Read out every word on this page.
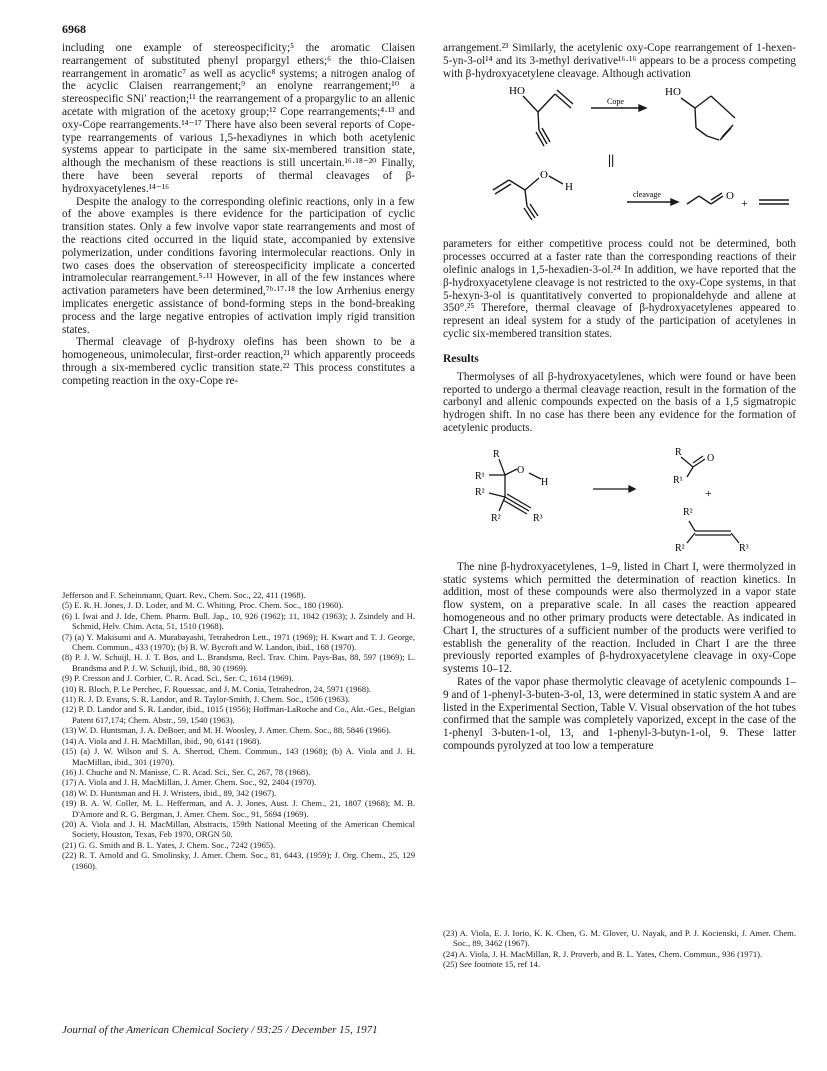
6968

including one example of stereospecificity;⁵ the aromatic Claisen rearrangement of substituted phenyl propargyl ethers;⁶ the thio-Claisen rearrangement in aromatic⁷ as well as acyclic⁸ systems; a nitrogen analog of the acyclic Claisen rearrangement;⁹ an enolyne rearrangement;¹⁰ a stereospecific SNi′ reaction;¹¹ the rearrangement of a propargylic to an allenic acetate with migration of the acetoxy group;¹² Cope rearrangements;⁴·¹³ and oxy-Cope rearrangements.¹⁴⁻¹⁷ There have also been several reports of Cope-type rearrangements of various 1,5-hexadiynes in which both acetylenic systems appear to participate in the same six-membered transition state, although the mechanism of these reactions is still uncertain.¹⁶·¹⁸⁻²⁰ Finally, there have been several reports of thermal cleavages of β-hydroxyacetylenes.¹⁴⁻¹⁶

Despite the analogy to the corresponding olefinic reactions, only in a few of the above examples is there evidence for the participation of cyclic transition states. Only a few involve vapor state rearrangements and most of the reactions cited occurred in the liquid state, accompanied by extensive polymerization, under conditions favoring intermolecular reactions. Only in two cases does the observation of stereospecificity implicate a concerted intramolecular rearrangement.⁵·¹¹ However, in all of the few instances where activation parameters have been determined,⁷ᵇ·¹⁷·¹⁸ the low Arrhenius energy implicates energetic assistance of bond-forming steps in the bond-breaking process and the large negative entropies of activation imply rigid transition states.

Thermal cleavage of β-hydroxy olefins has been shown to be a homogeneous, unimolecular, first-order reaction,²¹ which apparently proceeds through a six-membered cyclic transition state.²² This process constitutes a competing reaction in the oxy-Cope re-

Jefferson and F. Scheinmann, Quart. Rev., Chem. Soc., 22, 411 (1968).

(5) E. R. H. Jones, J. D. Loder, and M. C. Whiting, Proc. Chem. Soc., 180 (1960).

(6) I. Iwai and J. Ide, Chem. Pharm. Bull. Jap., 10, 926 (1962); 11, 1042 (1963); J. Zsindely and H. Schmid, Helv. Chim. Acta, 51, 1510 (1968).

(7) (a) Y. Makisumi and A. Murabayashi, Tetrahedron Lett., 1971 (1969); H. Kwart and T. J. George, Chem. Commun., 433 (1970); (b) B. W. Bycroft and W. Landon, ibid., 168 (1970).

(8) P. J. W. Schuijl, H. J. T. Bos, and L. Brandsma, Recl. Trav. Chim. Pays-Bas, 88, 597 (1969); L. Brandsma and P. J. W. Schuijl, ibid., 88, 30 (1969).

(9) P. Cresson and J. Corbier, C. R. Acad. Sci., Ser. C, 1614 (1969).

(10) R. Bloch, P. Le Perchec, F. Rouessac, and J. M. Conia, Tetrahedron, 24, 5971 (1968).

(11) R. J. D. Evans, S. R. Landor, and R. Taylor-Smith, J. Chem. Soc., 1506 (1963).

(12) P. D. Landor and S. R. Landor, ibid., 1015 (1956); Hoffman-LaRoche and Co., Akt.-Ges., Belgian Patent 617,174; Chem. Abstr., 59, 1540 (1963).

(13) W. D. Huntsman, J. A. DeBoer, and M. H. Woosley, J. Amer. Chem. Soc., 88, 5846 (1966).

(14) A. Viola and J. H. MacMillan, ibid., 90, 6141 (1968).

(15) (a) J. W. Wilson and S. A. Sherrod, Chem. Commun., 143 (1968); (b) A. Viola and J. H. MacMillan, ibid., 301 (1970).

(16) J. Chuche and N. Manisse, C. R. Acad. Sci., Ser. C, 267, 78 (1968).

(17) A. Viola and J. H. MacMillan, J. Amer. Chem. Soc., 92, 2404 (1970).

(18) W. D. Huntsman and H. J. Wristers, ibid., 89, 342 (1967).

(19) B. A. W. Coller, M. L. Hefferman, and A. J. Jones, Aust. J. Chem., 21, 1807 (1968); M. B. D'Amore and R. G. Bergman, J. Amer. Chem. Soc., 91, 5694 (1969).

(20) A. Viola and J. H. MacMillan, Abstracts, 159th National Meeting of the American Chemical Society, Houston, Texas, Feb 1970, ORGN 50.

(21) G. G. Smith and B. L. Yates, J. Chem. Soc., 7242 (1965).

(22) R. T. Arnold and G. Smolinsky, J. Amer. Chem. Soc., 81, 6443, (1959); J. Org. Chem., 25, 129 (1960).

arrangement.²³ Similarly, the acetylenic oxy-Cope rearrangement of 1-hexen-5-yn-3-ol¹⁴ and its 3-methyl derivative¹⁶·¹⁶ appears to be a process competing with β-hydroxyacetylene cleavage. Although activation

HO
Cope
HO
||
O
H
cleavage	O +

parameters for either competitive process could not be determined, both processes occurred at a faster rate than the corresponding reactions of their olefinic analogs in 1,5-hexadien-3-ol.²⁴ In addition, we have reported that the β-hydroxyacetylene cleavage is not restricted to the oxy-Cope systems, in that 5-hexyn-3-ol is quantitatively converted to propionaldehyde and allene at 350°.²⁵ Therefore, thermal cleavage of β-hydroxyacetylenes appeared to represent an ideal system for a study of the participation of acetylenes in cyclic six-membered transition states.

Results

Thermolyses of all β-hydroxyacetylenes, which were found or have been reported to undergo a thermal cleavage reaction, result in the formation of the carbonyl and allenic compounds expected on the basis of a 1,5 sigmatropic hydrogen shift. In no case has there been any evidence for the formation of acetylenic products.

R
R¹
O
H
R²
R²	R³
R
O
R¹
+
R²
R²	R³

The nine β-hydroxyacetylenes, 1–9, listed in Chart I, were thermolyzed in static systems which permitted the determination of reaction kinetics. In addition, most of these compounds were also thermolyzed in a vapor state flow system, on a preparative scale. In all cases the reaction appeared homogeneous and no other primary products were detectable. As indicated in Chart I, the structures of a sufficient number of the products were verified to establish the generality of the reaction. Included in Chart I are the three previously reported examples of β-hydroxyacetylene cleavage in oxy-Cope systems 10–12.

Rates of the vapor phase thermolytic cleavage of acetylenic compounds 1–9 and of 1-phenyl-3-buten-3-ol, 13, were determined in static system A and are listed in the Experimental Section, Table V. Visual observation of the hot tubes confirmed that the sample was completely vaporized, except in the case of the 1-phenyl 3-buten-1-ol, 13, and 1-phenyl-3-butyn-1-ol, 9. These latter compounds pyrolyzed at too low a temperature

(23) A. Viola, E. J. Iorio, K. K. Chen, G. M. Glover, U. Nayak, and P. J. Kocienski, J. Amer. Chem. Soc., 89, 3462 (1967).

(24) A. Viola, J. H. MacMillan, R. J. Proverb, and B. L. Yates, Chem. Commun., 936 (1971).

(25) See footnote 15, ref 14.

Journal of the American Chemical Society / 93:25 / December 15, 1971
